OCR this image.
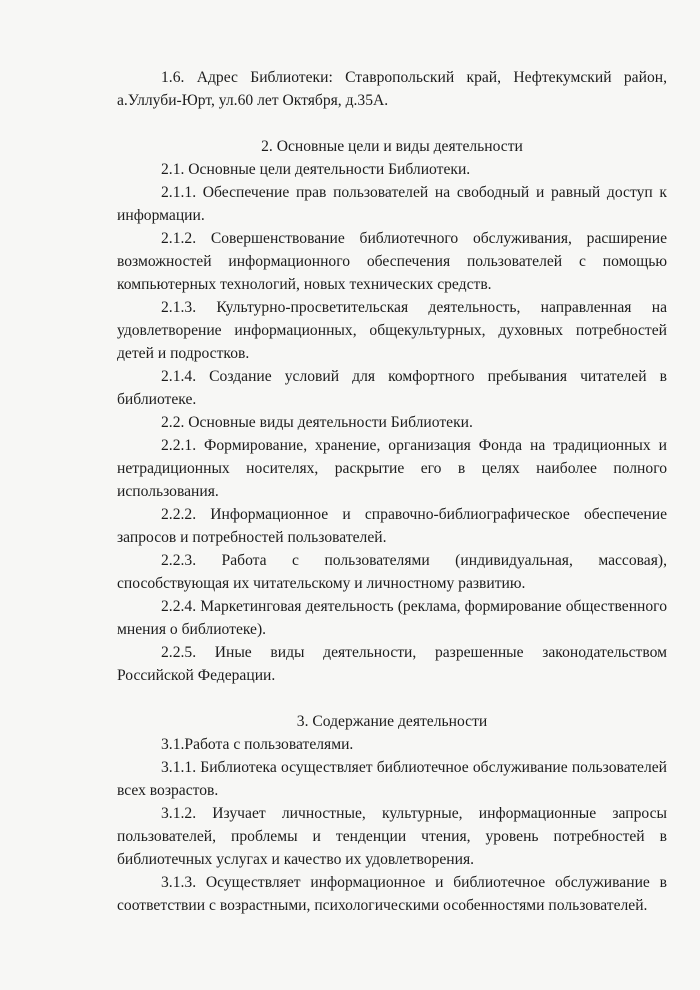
1.6. Адрес Библиотеки: Ставропольский край, Нефтекумский район, а.Уллуби-Юрт, ул.60 лет Октября, д.35А.

2. Основные цели и виды деятельности

2.1. Основные цели деятельности Библиотеки.

2.1.1. Обеспечение прав пользователей на свободный и равный доступ к информации.

2.1.2. Совершенствование библиотечного обслуживания, расширение возможностей информационного обеспечения пользователей с помощью компьютерных технологий, новых технических средств.

2.1.3. Культурно-просветительская деятельность, направленная на удовлетворение информационных, общекультурных, духовных потребностей детей и подростков.

2.1.4. Создание условий для комфортного пребывания читателей в библиотеке.

2.2. Основные виды деятельности Библиотеки.

2.2.1. Формирование, хранение, организация Фонда на традиционных и нетрадиционных носителях, раскрытие его в целях наиболее полного использования.

2.2.2. Информационное и справочно-библиографическое обеспечение запросов и потребностей пользователей.

2.2.3. Работа с пользователями (индивидуальная, массовая), способствующая их читательскому и личностному развитию.

2.2.4. Маркетинговая деятельность (реклама, формирование общественного мнения о библиотеке).

2.2.5. Иные виды деятельности, разрешенные законодательством Российской Федерации.

3. Содержание деятельности

3.1.Работа с пользователями.

3.1.1. Библиотека осуществляет библиотечное обслуживание пользователей всех возрастов.

3.1.2. Изучает личностные, культурные, информационные запросы пользователей, проблемы и тенденции чтения, уровень потребностей в библиотечных услугах и качество их удовлетворения.

3.1.3. Осуществляет информационное и библиотечное обслуживание в соответствии с возрастными, психологическими особенностями пользователей.
